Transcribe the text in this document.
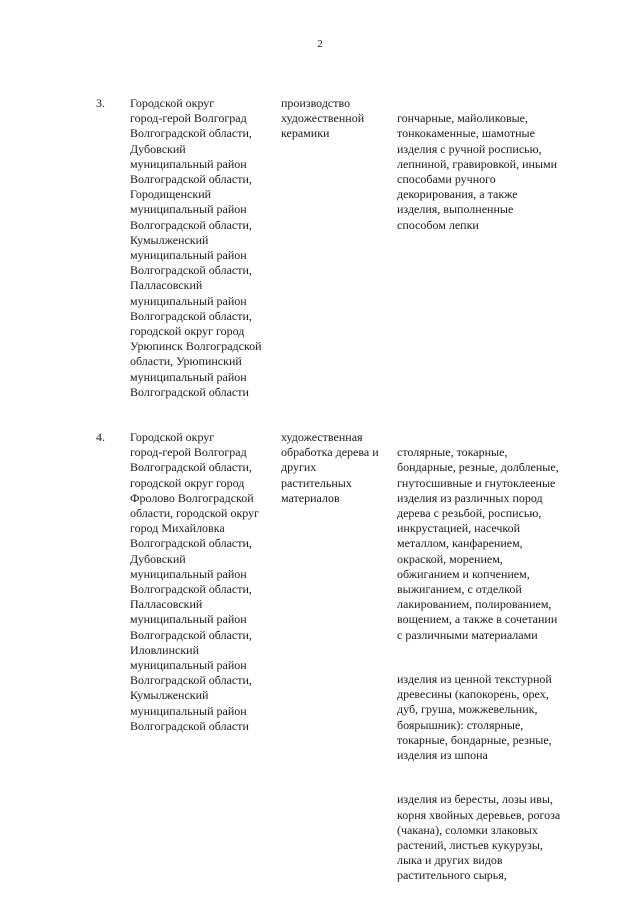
2
3.	Городской округ
город-герой Волгоград
Волгоградской области,
Дубовский
муниципальный район
Волгоградской области,
Городищенский
муниципальный район
Волгоградской области,
Кумылженский
муниципальный район
Волгоградской области,
Палласовский
муниципальный район
Волгоградской области,
городской округ город
Урюпинск Волгоградской
области, Урюпинский
муниципальный район
Волгоградской области
производство
художественной
керамики

гончарные, майоликовые,
тонкокаменные, шамотные
изделия с ручной росписью,
лепниной, гравировкой, иными
способами ручного
декорирования, а также
изделия, выполненные
способом лепки

4.	Городской округ
город-герой Волгоград
Волгоградской области,
городской округ город
Фролово Волгоградской
области, городской округ
город Михайловка
Волгоградской области,
Дубовский
муниципальный район
Волгоградской области,
Палласовский
муниципальный район
Волгоградской области,
Иловлинский
муниципальный район
Волгоградской области,
Кумылженский
муниципальный район
Волгоградской области
художественная
обработка дерева и
других
растительных
материалов

столярные, токарные,
бондарные, резные, долбленые,
гнутосшивные и гнутоклееные
изделия из различных пород
дерева с резьбой, росписью,
инкрустацией, насечкой
металлом, канфарением,
окраской, морением,
обжиганием и копчением,
выжиганием, с отделкой
лакированием, полированием,
вощением, а также в сочетании
с различными материалами

изделия из ценной текстурной
древесины (капокорень, орех,
дуб, груша, можжевельник,
боярышник): столярные,
токарные, бондарные, резные,
изделия из шпона

изделия из бересты, лозы ивы,
корня хвойных деревьев, рогоза
(чакана), соломки злаковых
растений, листьев кукурузы,
лыка и других видов
растительного сырья,
